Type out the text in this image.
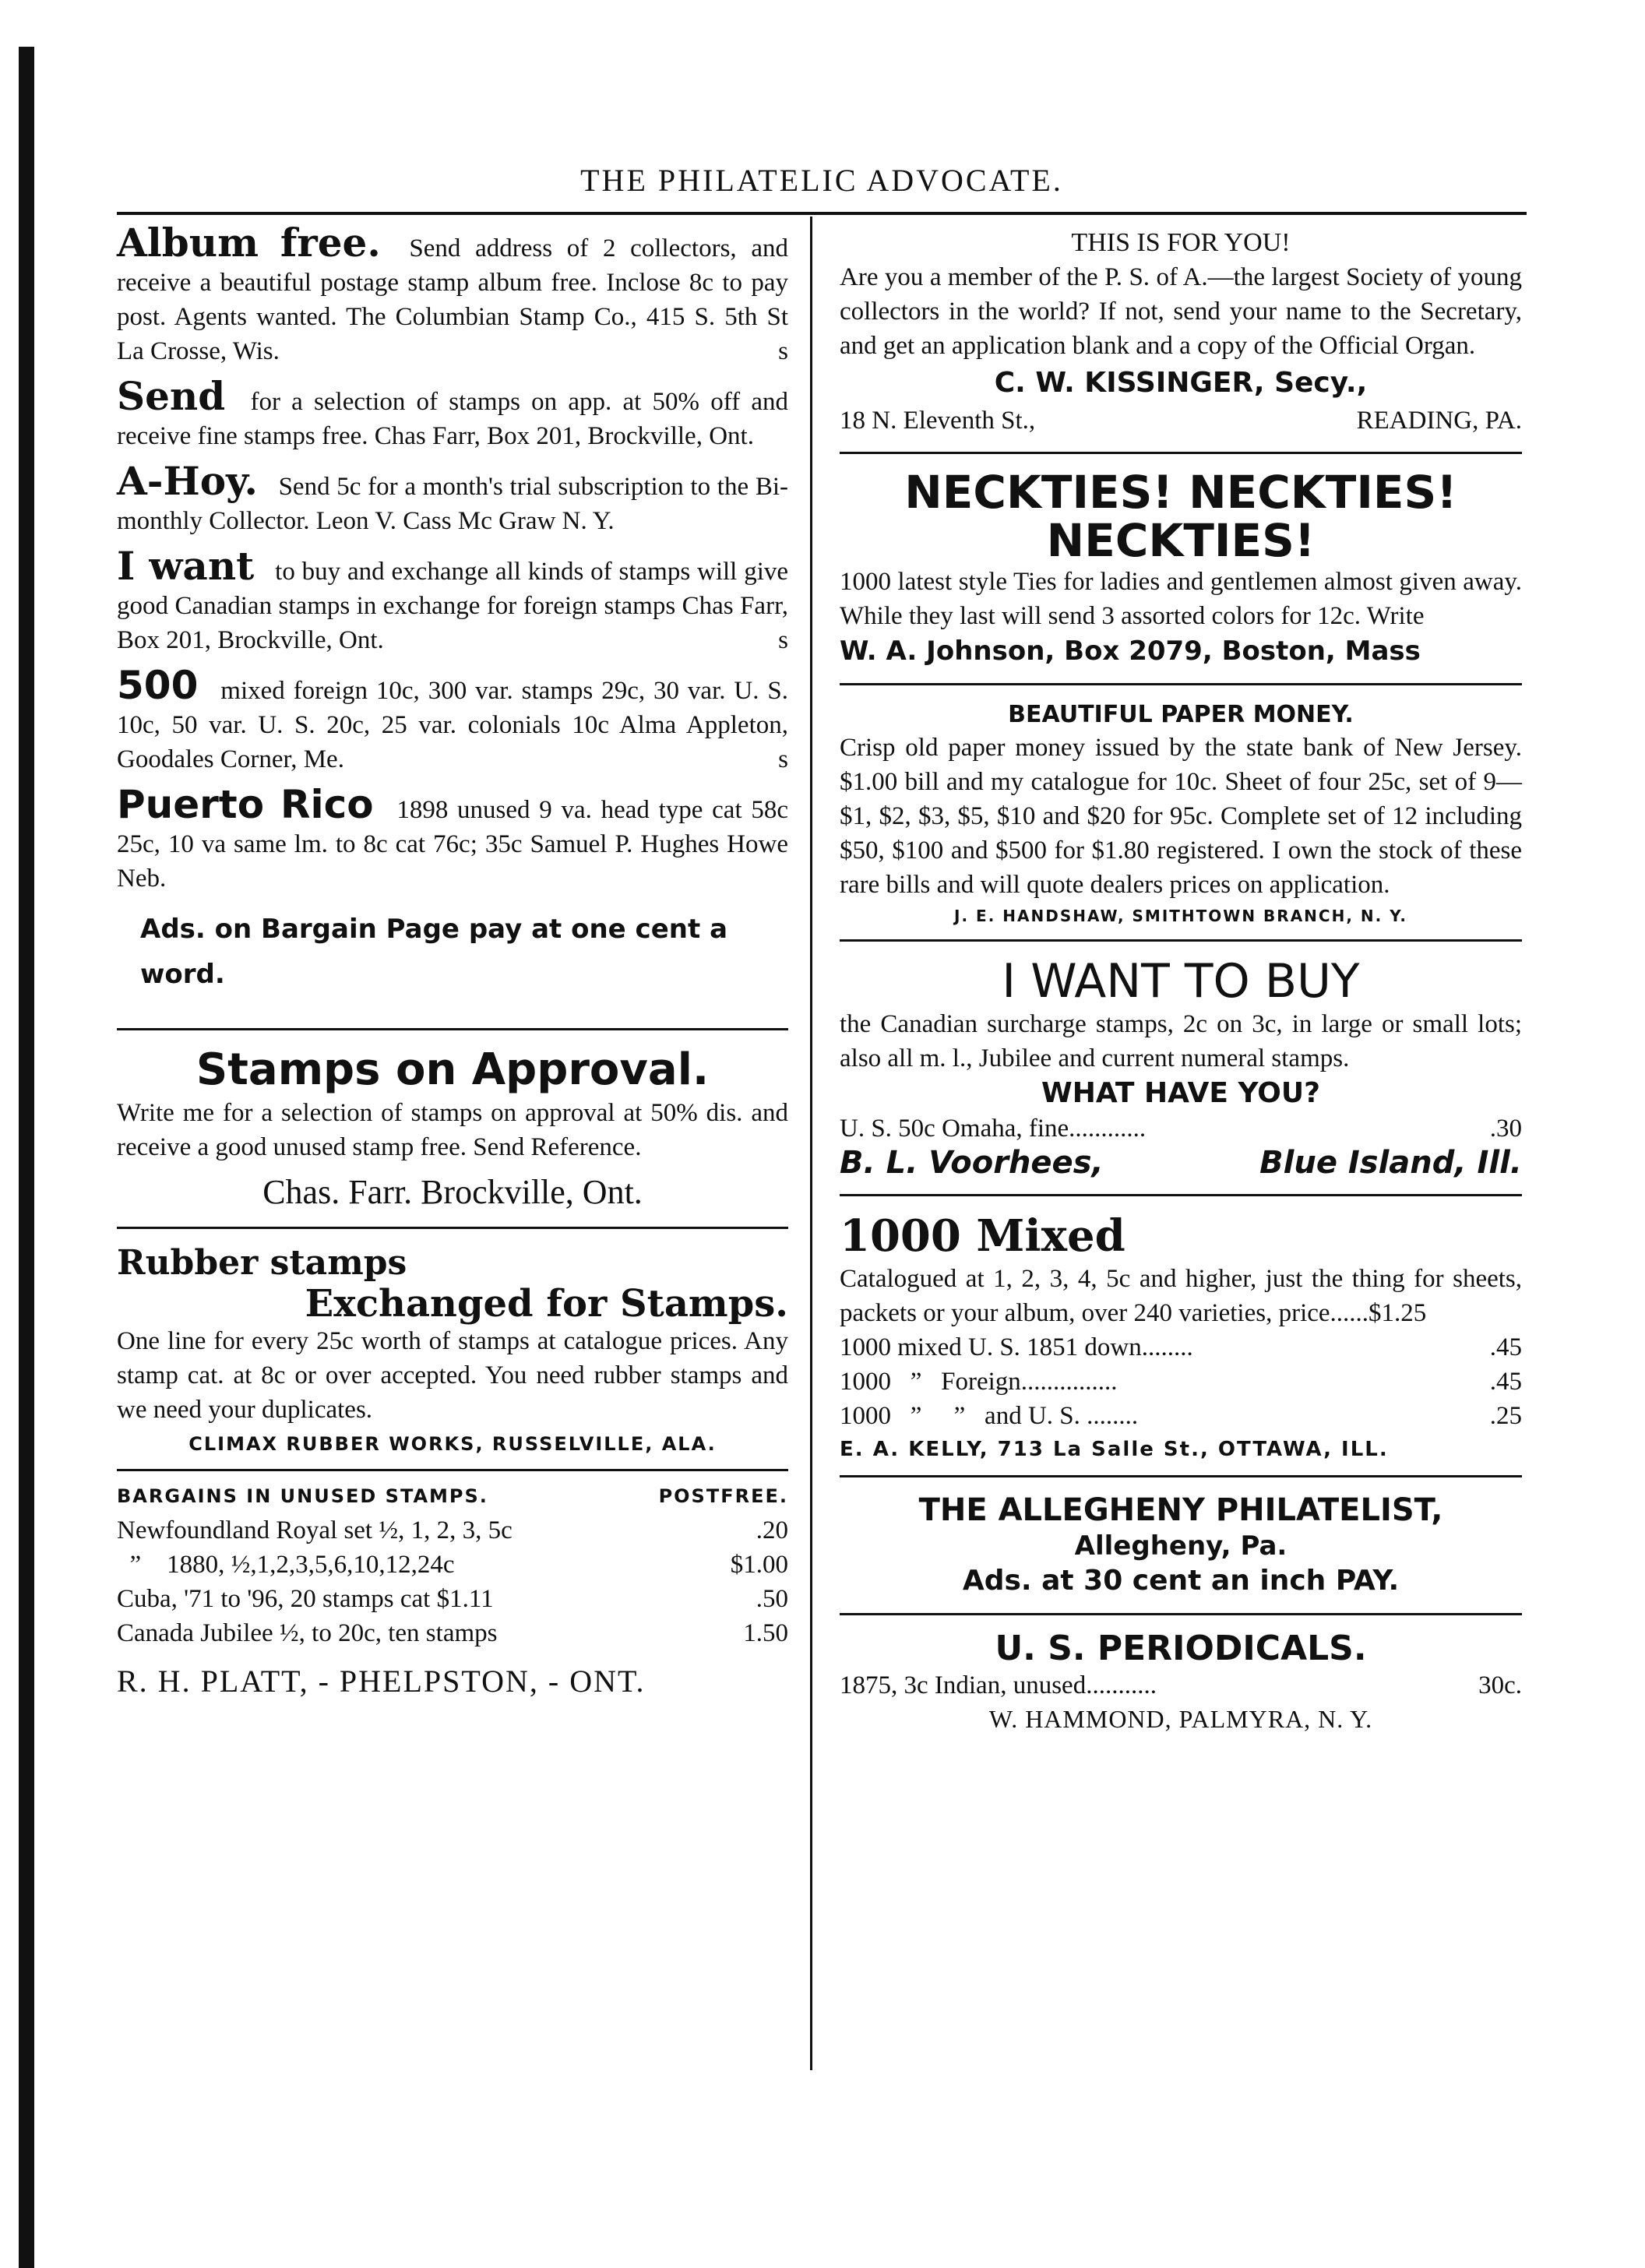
THE PHILATELIC ADVOCATE.
Album free. Send address of 2 collectors, and receive a beautiful postage stamp album free. Inclose 8c to pay post. Agents wanted. The Columbian Stamp Co., 415 S. 5th St La Crosse, Wis.	s
Send for a selection of stamps on app. at 50% off and receive fine stamps free. Chas Farr, Box 201, Brockville, Ont.
A-Hoy. Send 5c for a month's trial subscription to the Bi-monthly Collector. Leon V. Cass Mc Graw N. Y.
I want to buy and exchange all kinds of stamps will give good Canadian stamps in exchange for foreign stamps Chas Farr, Box 201, Brockville, Ont.	s
500 mixed foreign 10c, 300 var. stamps 29c, 30 var. U. S. 10c, 50 var. U. S. 20c, 25 var. colonials 10c Alma Appleton, Goodales Corner, Me.	s
Puerto Rico 1898 unused 9 va. head type cat 58c 25c, 10 va same lm. to 8c cat 76c; 35c Samuel P. Hughes Howe Neb.
Ads. on Bargain Page pay at one cent a word.
Stamps on Approval.
Write me for a selection of stamps on approval at 50% dis. and receive a good unused stamp free. Send Reference.
Chas. Farr. Brockville, Ont.
Rubber stamps
Exchanged for Stamps.
One line for every 25c worth of stamps at catalogue prices. Any stamp cat. at 8c or over accepted. You need rubber stamps and we need your duplicates.
CLIMAX RUBBER WORKS, RUSSELVILLE, ALA.
BARGAINS IN UNUSED STAMPS.	POSTFREE.
Newfoundland Royal set ½, 1, 2, 3, 5c	.20
”    1880, ½,1,2,3,5,6,10,12,24c	$1.00
Cuba, '71 to '96, 20 stamps cat $1.11	.50
Canada Jubilee ½, to 20c, ten stamps	1.50
R. H. PLATT, - PHELPSTON, - ONT.
THIS IS FOR YOU!
Are you a member of the P. S. of A.—the largest Society of young collectors in the world? If not, send your name to the Secretary, and get an application blank and a copy of the Official Organ.
C. W. KISSINGER, Secy.,
18 N. Eleventh St.,	READING, PA.
NECKTIES! NECKTIES!
NECKTIES!
1000 latest style Ties for ladies and gentlemen almost given away. While they last will send 3 assorted colors for 12c. Write
W. A. Johnson, Box 2079, Boston, Mass
BEAUTIFUL PAPER MONEY.
Crisp old paper money issued by the state bank of New Jersey. $1.00 bill and my catalogue for 10c. Sheet of four 25c, set of 9—$1, $2, $3, $5, $10 and $20 for 95c. Complete set of 12 including $50, $100 and $500 for $1.80 registered. I own the stock of these rare bills and will quote dealers prices on application.
J. E. HANDSHAW, SMITHTOWN BRANCH, N. Y.
I WANT TO BUY
the Canadian surcharge stamps, 2c on 3c, in large or small lots; also all m. l., Jubilee and current numeral stamps.
WHAT HAVE YOU?
U. S. 50c Omaha, fine............	.30
B. L. Voorhees,	Blue Island, Ill.
1000 Mixed
Catalogued at 1, 2, 3, 4, 5c and higher, just the thing for sheets, packets or your album, over 240 varieties, price......$1.25
1000 mixed U. S. 1851 down........	.45
1000   ”   Foreign...............	.45
1000   ”     ”   and U. S. ........	.25
E. A. KELLY, 713 La Salle St., OTTAWA, ILL.
THE ALLEGHENY PHILATELIST,
Allegheny, Pa.
Ads. at 30 cent an inch PAY.
U. S. PERIODICALS.
1875, 3c Indian, unused...........	30c.
W. HAMMOND, PALMYRA, N. Y.
